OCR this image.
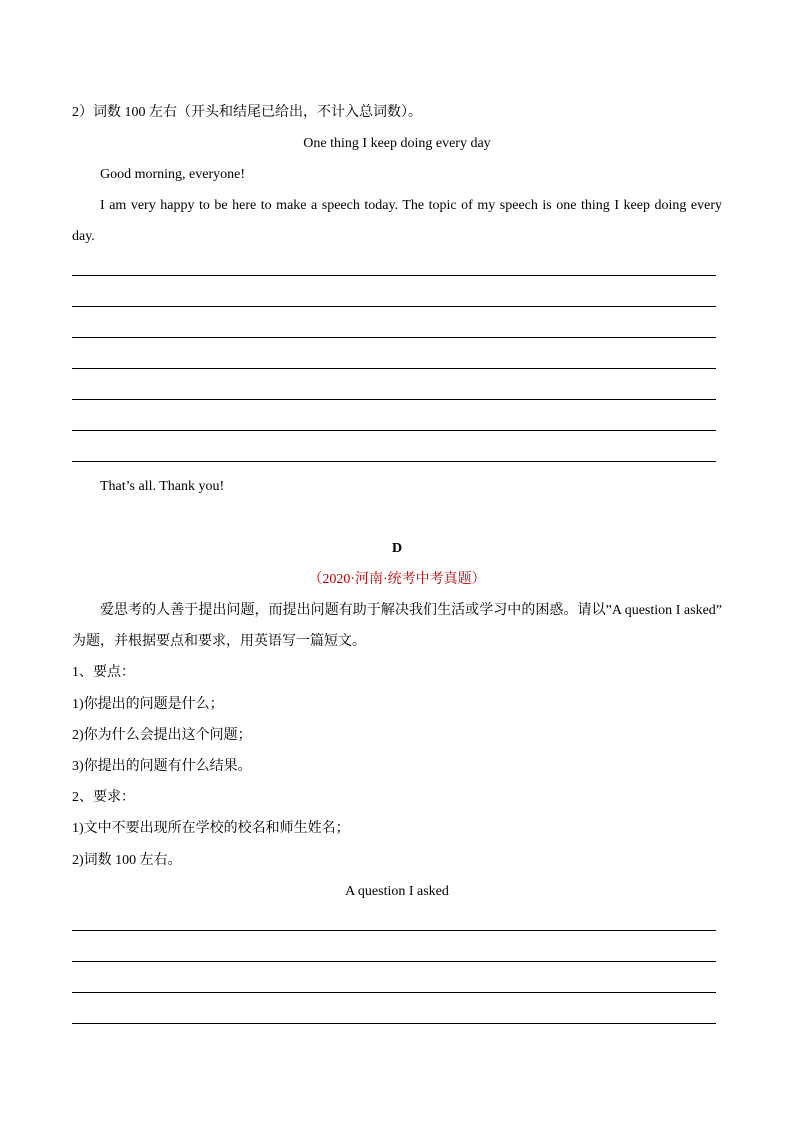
2）词数 100 左右（开头和结尾已给出，不计入总词数）。
One thing I keep doing every day
Good morning, everyone!
I am very happy to be here to make a speech today. The topic of my speech is one thing I keep doing every
day.
That’s all. Thank you!
D
（2020·河南·统考中考真题）
爱思考的人善于提出问题，而提出问题有助于解决我们生活或学习中的困惑。请以”A question I asked”
为题，并根据要点和要求，用英语写一篇短文。
1、要点：
1)你提出的问题是什么；
2)你为什么会提出这个问题；
3)你提出的问题有什么结果。
2、要求：
1)文中不要出现所在学校的校名和师生姓名；
2)词数 100 左右。
A question I asked
